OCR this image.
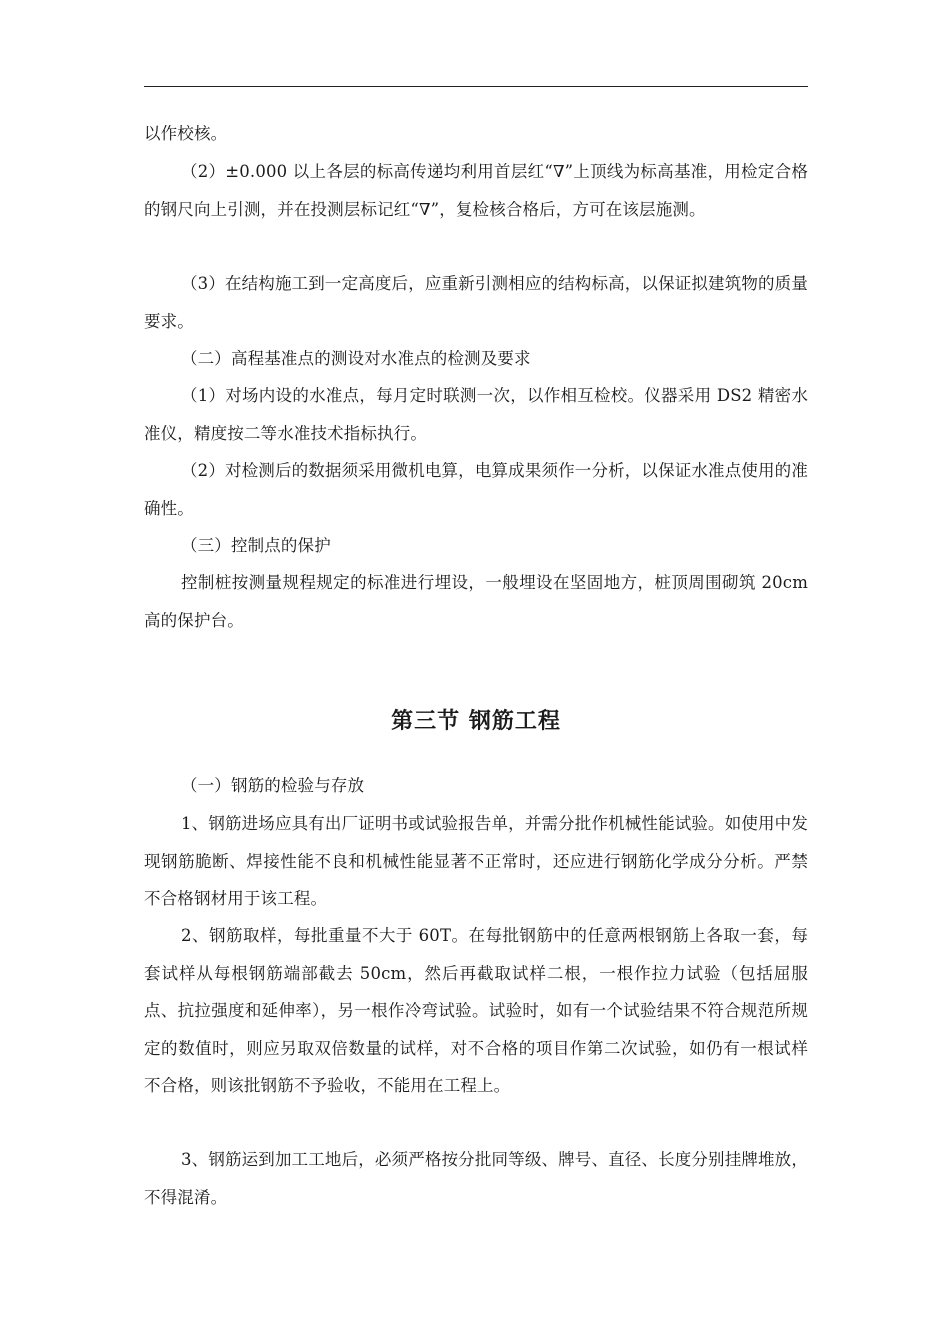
以作校核。

（2）±0.000 以上各层的标高传递均利用首层红“∇”上顶线为标高基准，用检定合格的钢尺向上引测，并在投测层标记红“∇”，复检核合格后，方可在该层施测。

（3）在结构施工到一定高度后，应重新引测相应的结构标高，以保证拟建筑物的质量要求。

（二）高程基准点的测设对水准点的检测及要求

（1）对场内设的水准点，每月定时联测一次，以作相互检校。仪器采用 DS2 精密水准仪，精度按二等水准技术指标执行。

（2）对检测后的数据须采用微机电算，电算成果须作一分析，以保证水准点使用的准确性。

（三）控制点的保护

控制桩按测量规程规定的标准进行埋设，一般埋设在坚固地方，桩顶周围砌筑 20cm 高的保护台。

第三节 钢筋工程

（一）钢筋的检验与存放

1、钢筋进场应具有出厂证明书或试验报告单，并需分批作机械性能试验。如使用中发现钢筋脆断、焊接性能不良和机械性能显著不正常时，还应进行钢筋化学成分分析。严禁不合格钢材用于该工程。

2、钢筋取样，每批重量不大于 60T。在每批钢筋中的任意两根钢筋上各取一套，每套试样从每根钢筋端部截去 50cm，然后再截取试样二根，一根作拉力试验（包括屈服点、抗拉强度和延伸率），另一根作冷弯试验。试验时，如有一个试验结果不符合规范所规定的数值时，则应另取双倍数量的试样，对不合格的项目作第二次试验，如仍有一根试样不合格，则该批钢筋不予验收，不能用在工程上。

3、钢筋运到加工工地后，必须严格按分批同等级、牌号、直径、长度分别挂牌堆放，不得混淆。
